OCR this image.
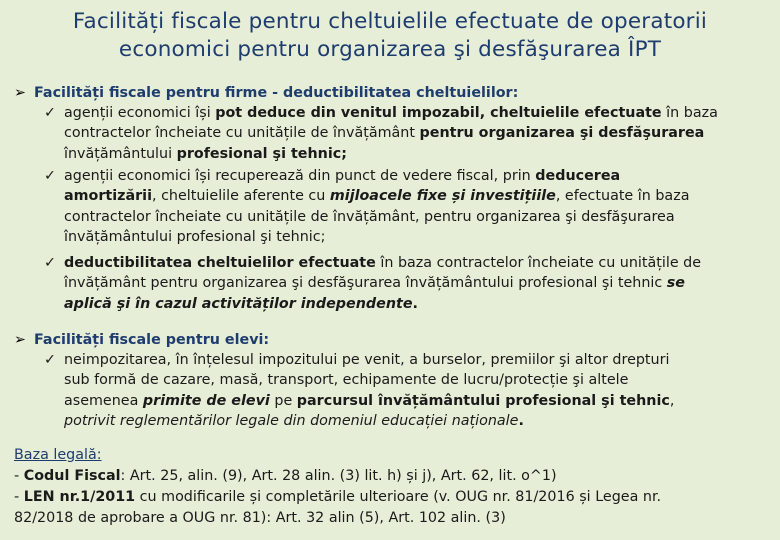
Facilități fiscale pentru cheltuielile efectuate de operatorii
economici pentru organizarea şi desfăşurarea ÎPT
➢ Facilități fiscale pentru firme - deductibilitatea cheltuielilor:
✓ agenții economici își pot deduce din venitul impozabil, cheltuielile efectuate în baza
contractelor încheiate cu unitățile de învățământ pentru organizarea şi desfăşurarea
învățământului profesional şi tehnic;
✓ agenții economici își recuperează din punct de vedere fiscal, prin deducerea
amortizării, cheltuielile aferente cu mijloacele fixe și investițiile, efectuate în baza
contractelor încheiate cu unitățile de învățământ, pentru organizarea şi desfăşurarea
învățământului profesional şi tehnic;
✓ deductibilitatea cheltuielilor efectuate în baza contractelor încheiate cu unitățile de
învățământ pentru organizarea şi desfăşurarea învățământului profesional şi tehnic se
aplică şi în cazul activităților independente.
➢ Facilități fiscale pentru elevi:
✓ neimpozitarea, în înțelesul impozitului pe venit, a burselor, premiilor şi altor drepturi
sub formă de cazare, masă, transport, echipamente de lucru/protecție şi altele
asemenea primite de elevi pe parcursul învățământului profesional şi tehnic,
potrivit reglementărilor legale din domeniul educației naționale.
Baza legală:
- Codul Fiscal: Art. 25, alin. (9), Art. 28 alin. (3) lit. h) și j), Art. 62, lit. o^1)
- LEN nr.1/2011 cu modificarile și completările ulterioare (v. OUG nr. 81/2016 și Legea nr.
82/2018 de aprobare a OUG nr. 81): Art. 32 alin (5), Art. 102 alin. (3)
